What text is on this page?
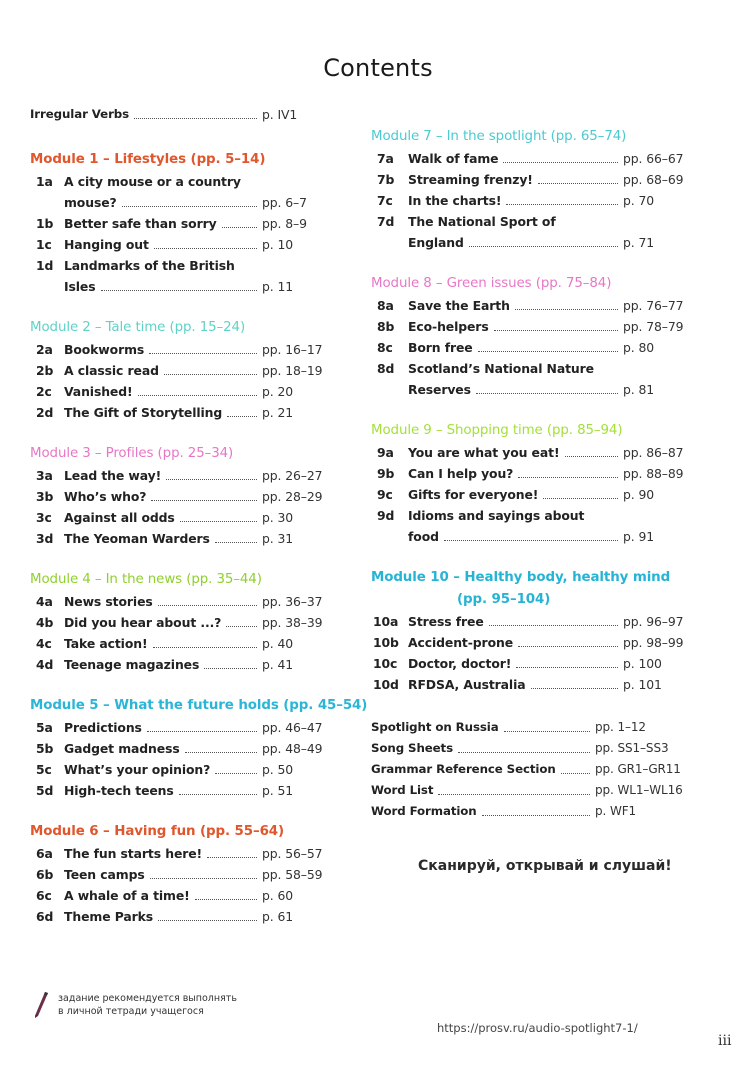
Contents
Irregular Verbs	p. IV1
Module 1 – Lifestyles (pp. 5–14)
1a A city mouse or a country
mouse?	pp. 6–7
1b Better safe than sorry	pp. 8–9
1c Hanging out	p. 10
1d Landmarks of the British
Isles	p. 11
Module 2 – Tale time (pp. 15–24)
2a Bookworms	pp. 16–17
2b A classic read	pp. 18–19
2c Vanished!	p. 20
2d The Gift of Storytelling	p. 21
Module 3 – Profiles (pp. 25–34)
3a Lead the way!	pp. 26–27
3b Who’s who?	pp. 28–29
3c Against all odds	p. 30
3d The Yeoman Warders	p. 31
Module 4 – In the news (pp. 35–44)
4a News stories	pp. 36–37
4b Did you hear about ...?	pp. 38–39
4c Take action!	p. 40
4d Teenage magazines	p. 41
Module 5 – What the future holds (pp. 45–54)
5a Predictions	pp. 46–47
5b Gadget madness	pp. 48–49
5c What’s your opinion?	p. 50
5d High-tech teens	p. 51
Module 6 – Having fun (pp. 55–64)
6a The fun starts here!	pp. 56–57
6b Teen camps	pp. 58–59
6c A whale of a time!	p. 60
6d Theme Parks	p. 61
Module 7 – In the spotlight (pp. 65–74)
7a	Walk of fame	pp. 66–67
7b	Streaming frenzy!	pp. 68–69
7c	In the charts!	p. 70
7d	The National Sport of
England	p. 71
Module 8 – Green issues (pp. 75–84)
8a	Save the Earth	pp. 76–77
8b	Eco-helpers	pp. 78–79
8c	Born free	p. 80
8d	Scotland’s National Nature
Reserves	p. 81
Module 9 – Shopping time (pp. 85–94)
9a	You are what you eat!	pp. 86–87
9b	Can I help you?	pp. 88–89
9c	Gifts for everyone!	p. 90
9d	Idioms and sayings about
food	p. 91
Module 10 – Healthy body, healthy mind
(pp. 95–104)
10a Stress free	pp. 96–97
10b Accident-prone	pp. 98–99
10c Doctor, doctor!	p. 100
10d RFDSA, Australia	p. 101
Spotlight on Russia	pp. 1–12
Song Sheets	pp. SS1–SS3
Grammar Reference Section	pp. GR1–GR11
Word List	pp. WL1–WL16
Word Formation	p. WF1
Сканируй, открывай и слушай!
задание рекомендуется выполнять
в личной тетради учащегося
https://prosv.ru/audio-spotlight7-1/
iii
